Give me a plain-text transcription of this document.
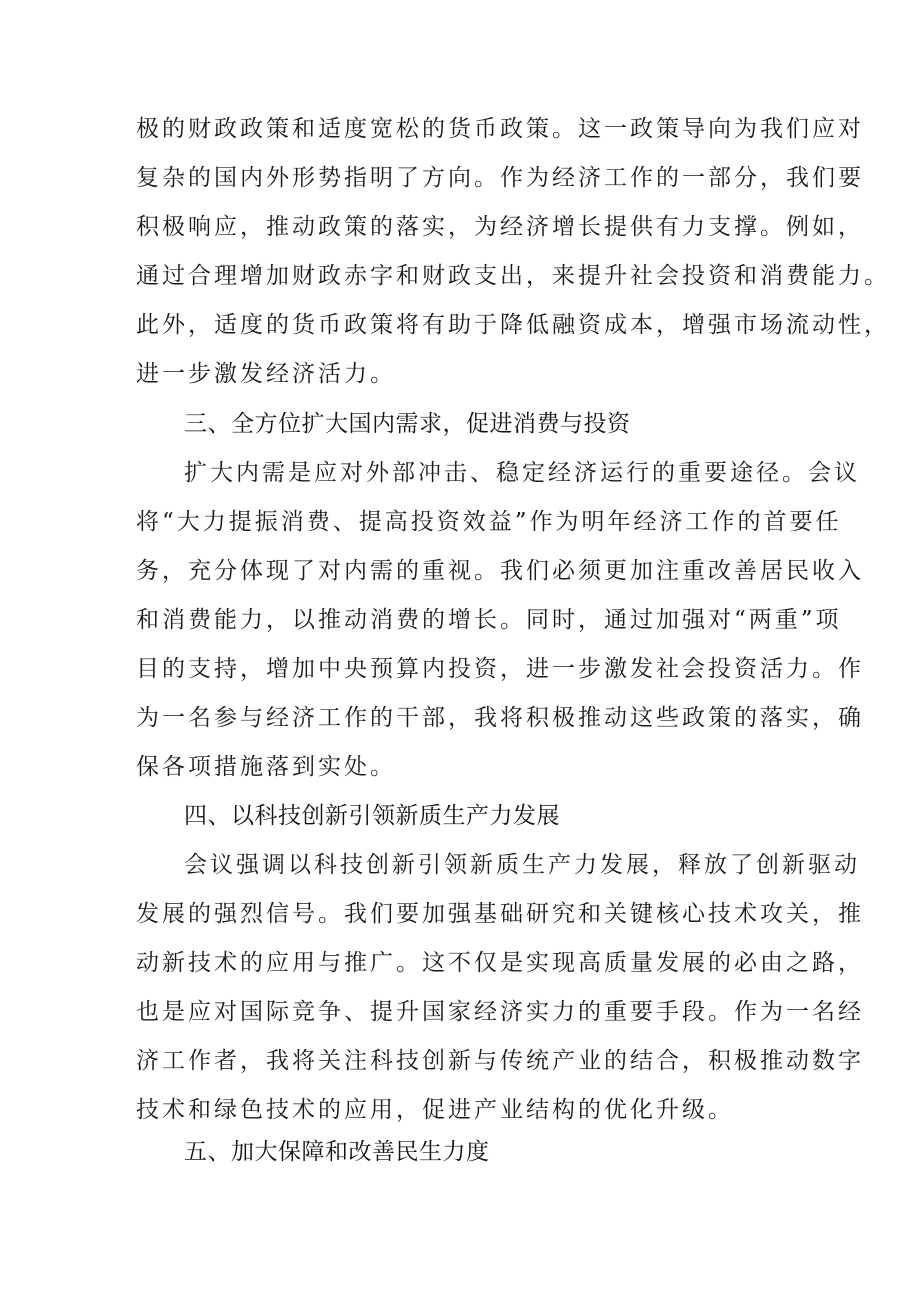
极的财政政策和适度宽松的货币政策。这一政策导向为我们应对
复杂的国内外形势指明了方向。作为经济工作的一部分，我们要
积极响应，推动政策的落实，为经济增长提供有力支撑。例如，
通过合理增加财政赤字和财政支出，来提升社会投资和消费能力。
此外，适度的货币政策将有助于降低融资成本，增强市场流动性，
进一步激发经济活力。
三、全方位扩大国内需求，促进消费与投资
扩大内需是应对外部冲击、稳定经济运行的重要途径。会议
将“大力提振消费、提高投资效益”作为明年经济工作的首要任
务，充分体现了对内需的重视。我们必须更加注重改善居民收入
和消费能力，以推动消费的增长。同时，通过加强对“两重”项
目的支持，增加中央预算内投资，进一步激发社会投资活力。作
为一名参与经济工作的干部，我将积极推动这些政策的落实，确
保各项措施落到实处。
四、以科技创新引领新质生产力发展
会议强调以科技创新引领新质生产力发展，释放了创新驱动
发展的强烈信号。我们要加强基础研究和关键核心技术攻关，推
动新技术的应用与推广。这不仅是实现高质量发展的必由之路，
也是应对国际竞争、提升国家经济实力的重要手段。作为一名经
济工作者，我将关注科技创新与传统产业的结合，积极推动数字
技术和绿色技术的应用，促进产业结构的优化升级。
五、加大保障和改善民生力度
